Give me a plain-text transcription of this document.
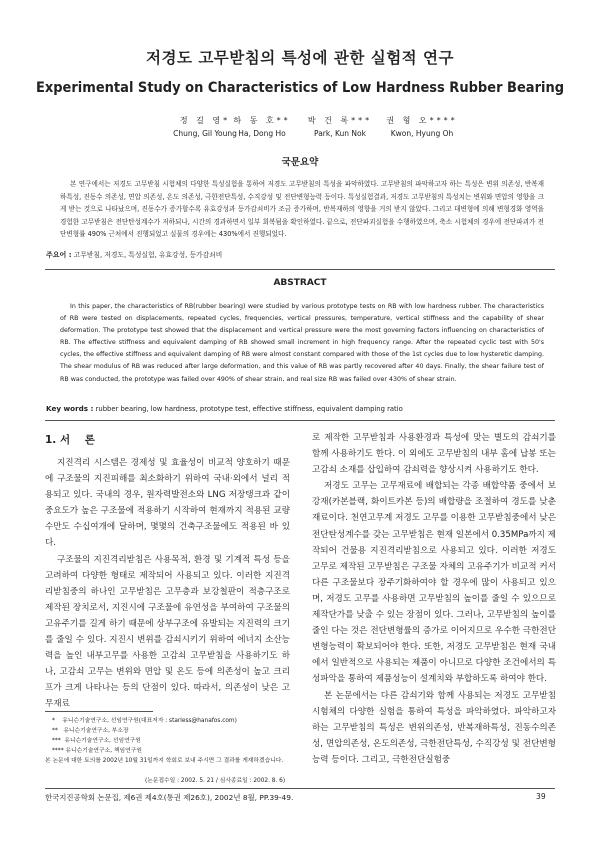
저경도 고무받침의 특성에 관한 실험적 연구
Experimental Study on Characteristics of Low Hardness Rubber Bearing
정 길 영*
Chung, Gil Young
하 동 호**
Ha, Dong Ho
박 건 록***
Park, Kun Nok
권 형 오****
Kwon, Hyung Oh
국문요약
본 연구에서는 저경도 고무받침 시험체의 다양한 특성실험을 통하여 저경도 고무받침의 특성을 파악하였다. 고무받침의 파악하고자 하는 특성은 변위 의존성, 반복재하특성, 진동수 의존성, 면압 의존성, 온도 의존성, 극한전단특성, 수직강성 및 전단변형능력 등이다. 특성실험결과, 저경도 고무받침의 특성치는 변위와 면압의 영향을 크게 받는 것으로 나타났으며, 진동수가 증가할수록 유효강성과 등가감쇠비가 조금 증가하며, 반복재하의 영향을 거의 받지 않았다. 그리고 대변형에 의해 변형경화 영역을 경험한 고무받침은 전단탄성계수가 저하되나, 시간의 경과하면서 일부 회복됨을 확인하였다. 끝으로, 전단파괴실험을 수행하였으며, 축소 시험체의 경우에 전단파괴가 전단변형률 490% 근처에서 진행되었고 실물의 경우에는 430%에서 진행되었다.
주요어 : 고무받침, 저경도, 특성실험, 유효강성, 등가감쇠비
ABSTRACT
In this paper, the characteristics of RB(rubber bearing) were studied by various prototype tests on RB with low hardness rubber. The characteristics of RB were tested on displacements, repeated cycles, frequencies, vertical pressures, temperature, vertical stiffness and the capability of shear deformation. The prototype test showed that the displacement and vertical pressure were the most governing factors influencing on characteristics of RB. The effective stiffness and equivalent damping of RB showed small increment in high frequency range. After the repeated cyclic test with 50's cycles, the effective stiffness and equivalent damping of RB were almost constant compared with those of the 1st cycles due to low hysteretic damping. The shear modulus of RB was reduced after large deformation, and this value of RB was partly recovered after 40 days. Finally, the shear failure test of RB was conducted, the prototype was failed over 490% of shear strain, and real size RB was failed over 430% of shear strain.
Key words : rubber bearing, low hardness, prototype test, effective stiffness, equivalent damping ratio
1. 서    론

지진격리 시스템은 경제성 및 효율성이 비교적 양호하기 때문에 구조물의 지진피해를 최소화하기 위하여 국내·외에서 널리 적용되고 있다. 국내의 경우, 원자력발전소와 LNG 저장탱크과 같이 중요도가 높은 구조물에 적용하기 시작하여 현재까지 적용된 교량 수만도 수십여개에 달하며, 몇몇의 건축구조물에도 적용된 바 있다.

구조물의 지진격리받침은 사용목적, 환경 및 기계적 특성 등을 고려하여 다양한 형태로 제작되어 사용되고 있다. 이러한 지진격리받침중의 하나인 고무받침은 고무층과 보강철판이 적층구조로 제작된 장치로서, 지진시에 구조물에 유연성을 부여하여 구조물의 고유주기를 길게 하기 때문에 상부구조에 유발되는 지진력의 크기를 줄일 수 있다. 지진시 변위를 감쇠시키기 위하여 에너지 소산능력을 높인 내부고무를 사용한 고감쇠 고무받침을 사용하기도 하나, 고감쇠 고무는 변위와 면압 및 온도 등에 의존성이 높고 크리프가 크게 나타나는 등의 단점이 있다. 따라서, 의존성이 낮은 고무재료

로 제작한 고무받침과 사용환경과 특성에 맞는 별도의 감쇠기를 함께 사용하기도 한다. 이 외에도 고무받침의 내부 홈에 납봉 또는 고감쇠 소재를 삽입하여 감쇠력을 향상시켜 사용하기도 한다.

저경도 고무는 고무재료에 배합되는 각종 배합약품 중에서 보강재(카본블랙, 화이트카본 등)의 배합량을 조절하여 경도를 낮춘 재료이다. 천연고무계 저경도 고무를 이용한 고무받침중에서 낮은 전단탄성계수를 갖는 고무받침은 현재 일본에서 0.35MPa까지 제작되어 건물용 지진격리받침으로 사용되고 있다. 이러한 저경도 고무로 제작된 고무받침은 구조물 자체의 고유주기가 비교적 커서 다른 구조물보다 장주기화하여야 할 경우에 많이 사용되고 있으며, 저경도 고무를 사용하면 고무받침의 높이를 줄일 수 있으므로 제작단가를 낮출 수 있는 장점이 있다. 그러나, 고무받침의 높이를 줄인 다는 것은 전단변형률의 증가로 이어지므로 우수한 극한전단변형능력이 확보되어야 한다. 또한, 저경도 고무받침은 현재 국내에서 일반적으로 사용되는 제품이 아니므로 다양한 조건에서의 특성파악을 통하여 제품성능이 설계치와 부합하도록 하여야 한다.

본 논문에서는 다른 감쇠기와 함께 사용되는 저경도 고무받침 시험체의 다양한 실험을 통하여 특성을 파악하였다. 파악하고자 하는 고무받침의 특성은 변위의존성, 반복재하특성, 진동수의존성, 면압의존성, 온도의존성, 극한전단특성, 수직강성 및 전단변형능력 등이다. 그리고, 극한전단실험중

*    유니슨기술연구소, 선임연구원(대표저자 : starless@hanafos.com)
**   유니슨기술연구소, 부소장
***  유니슨기술연구소, 선임연구원
**** 유니슨기술연구소, 책임연구원
본 논문에 대한 토의를 2002년 10월 31일까지 학회로 보내 주시면 그 결과를 게재하겠습니다.
(논문접수일 : 2002. 5. 21 / 심사종료일 : 2002. 8. 6)
한국지진공학회 논문집, 제6권 제4호(통권 제26호), 2002년 8월, PP.39-49.	39
